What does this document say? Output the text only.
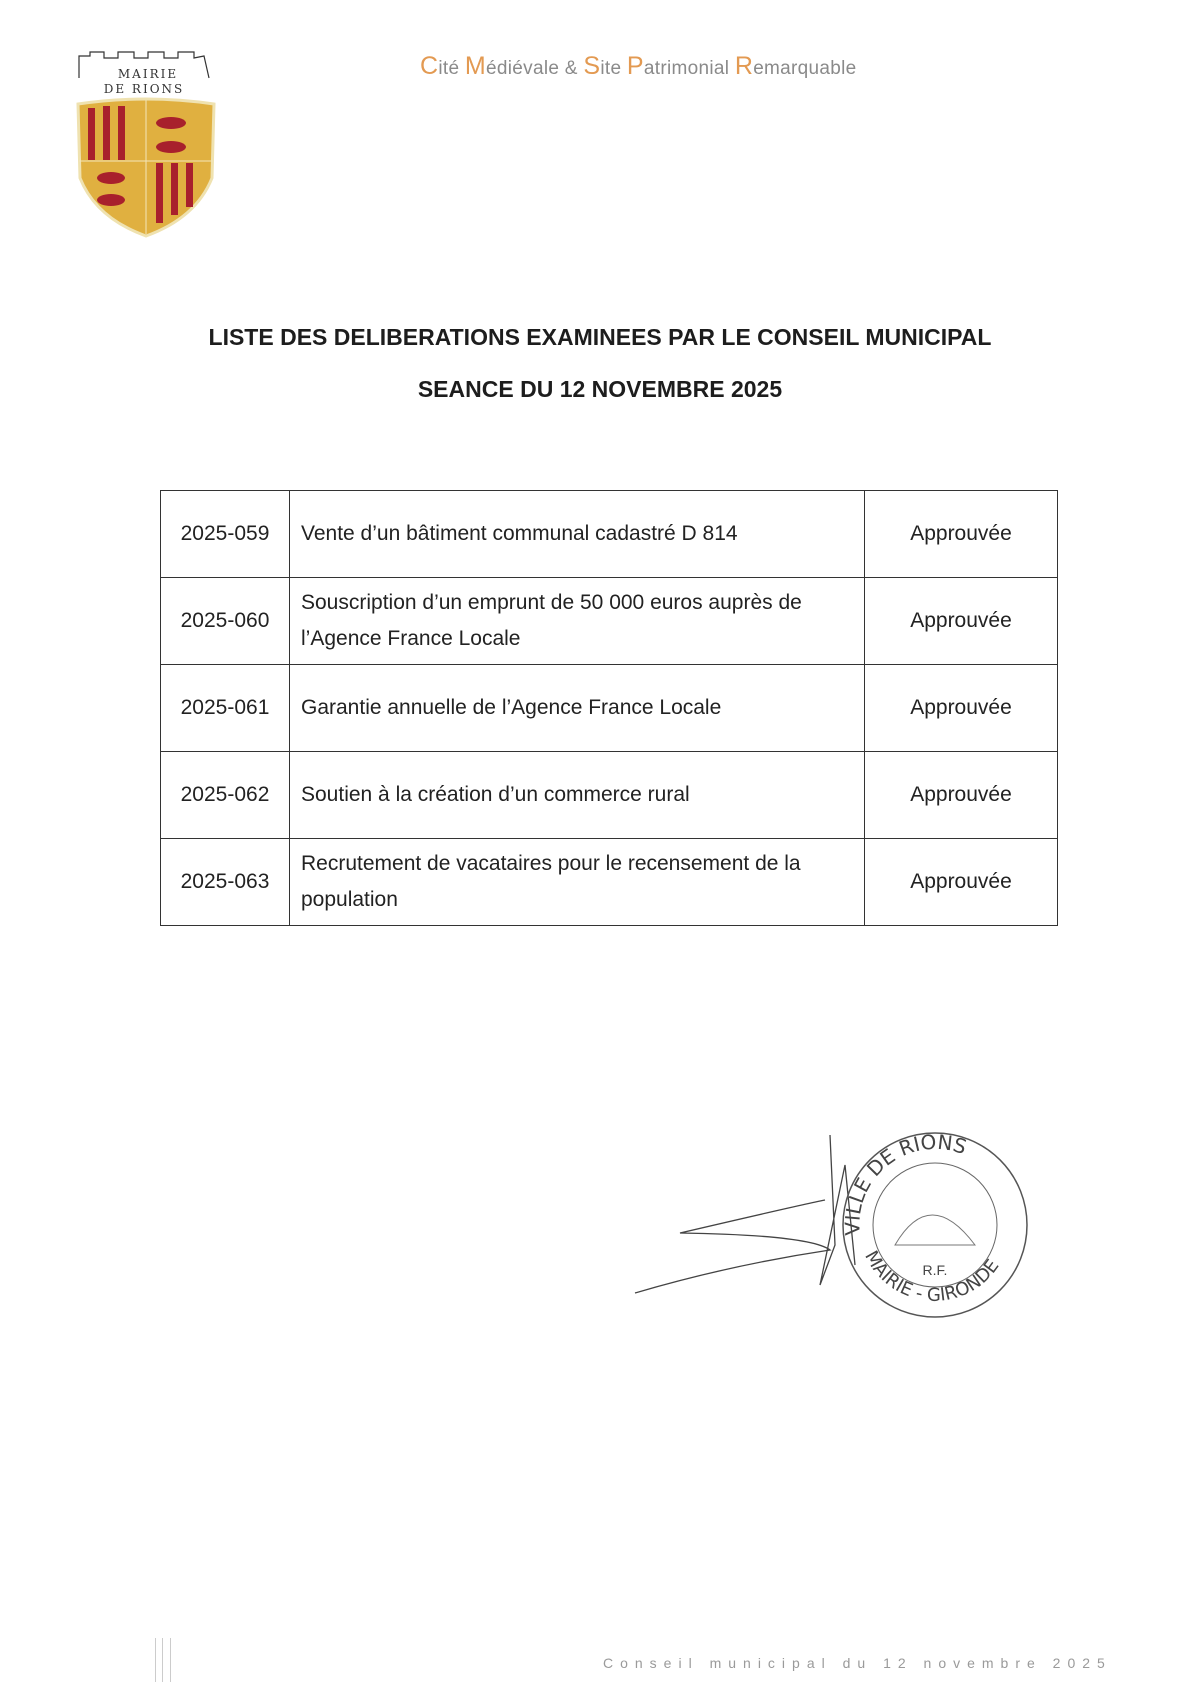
MAIRIE
DE RIONS
Cité Médiévale & Site Patrimonial Remarquable
LISTE DES DELIBERATIONS EXAMINEES PAR LE CONSEIL MUNICIPAL
SEANCE DU 12 NOVEMBRE 2025
2025-059	Vente d’un bâtiment communal cadastré D 814	Approuvée
2025-060	Souscription d’un emprunt de 50 000 euros auprès de l’Agence France Locale	Approuvée
2025-061	Garantie annuelle de l’Agence France Locale	Approuvée
2025-062	Soutien à la création d’un commerce rural	Approuvée
2025-063	Recrutement de vacataires pour le recensement de la population	Approuvée
VILLE DE RIONS
MAIRIE - GIRONDE
R.F.
Conseil municipal du 12 novembre 2025
